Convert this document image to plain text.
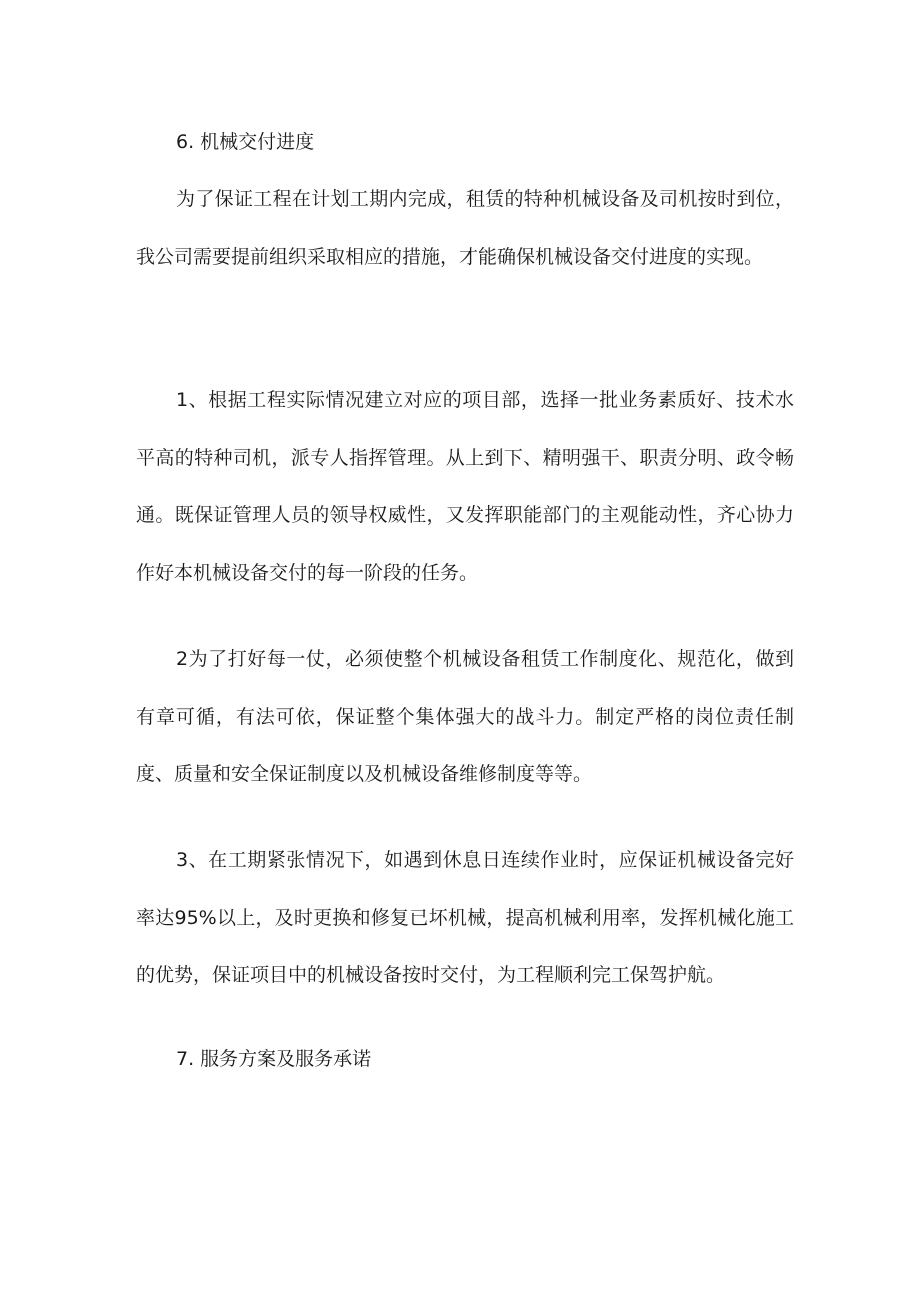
6. 机械交付进度

为了保证工程在计划工期内完成，租赁的特种机械设备及司机按时到位，我公司需要提前组织采取相应的措施，才能确保机械设备交付进度的实现。

1、根据工程实际情况建立对应的项目部，选择一批业务素质好、技术水平高的特种司机，派专人指挥管理。从上到下、精明强干、职责分明、政令畅通。既保证管理人员的领导权威性，又发挥职能部门的主观能动性，齐心协力作好本机械设备交付的每一阶段的任务。

2为了打好每一仗，必须使整个机械设备租赁工作制度化、规范化，做到有章可循，有法可依，保证整个集体强大的战斗力。制定严格的岗位责任制度、质量和安全保证制度以及机械设备维修制度等等。

3、在工期紧张情况下，如遇到休息日连续作业时，应保证机械设备完好率达95%以上，及时更换和修复已坏机械，提高机械利用率，发挥机械化施工的优势，保证项目中的机械设备按时交付，为工程顺利完工保驾护航。

7. 服务方案及服务承诺
